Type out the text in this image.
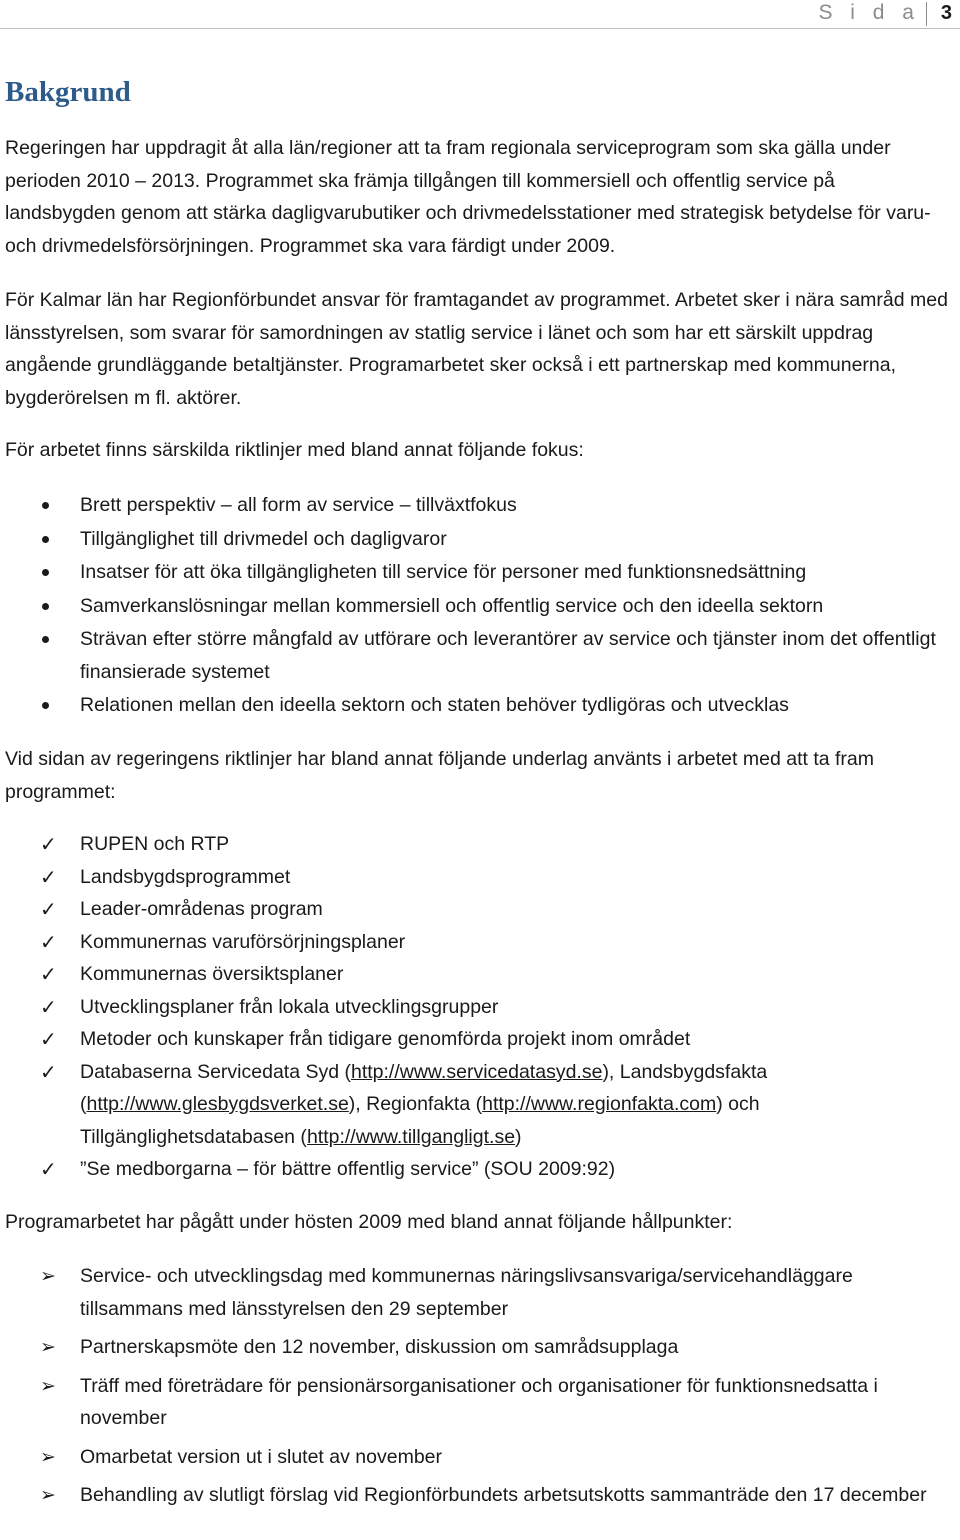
S i d a 3
Bakgrund

Regeringen har uppdragit åt alla län/regioner att ta fram regionala serviceprogram som ska gälla under perioden 2010 – 2013. Programmet ska främja tillgången till kommersiell och offentlig service på landsbygden genom att stärka dagligvarubutiker och drivmedelsstationer med strategisk betydelse för varu- och drivmedelsförsörjningen. Programmet ska vara färdigt under 2009.

För Kalmar län har Regionförbundet ansvar för framtagandet av programmet. Arbetet sker i nära samråd med länsstyrelsen, som svarar för samordningen av statlig service i länet och som har ett särskilt uppdrag angående grundläggande betaltjänster. Programarbetet sker också i ett partnerskap med kommunerna, bygderörelsen m fl. aktörer.

För arbetet finns särskilda riktlinjer med bland annat följande fokus:

Brett perspektiv – all form av service – tillväxtfokus
Tillgänglighet till drivmedel och dagligvaror
Insatser för att öka tillgängligheten till service för personer med funktionsnedsättning
Samverkanslösningar mellan kommersiell och offentlig service och den ideella sektorn
Strävan efter större mångfald av utförare och leverantörer av service och tjänster inom det offentligt finansierade systemet
Relationen mellan den ideella sektorn och staten behöver tydligöras och utvecklas

Vid sidan av regeringens riktlinjer har bland annat följande underlag använts i arbetet med att ta fram programmet:

✓	RUPEN och RTP
✓	Landsbygdsprogrammet
✓	Leader-områdenas program
✓	Kommunernas varuförsörjningsplaner
✓	Kommunernas översiktsplaner
✓	Utvecklingsplaner från lokala utvecklingsgrupper
✓	Metoder och kunskaper från tidigare genomförda projekt inom området
✓	Databaserna Servicedata Syd (http://www.servicedatasyd.se), Landsbygdsfakta (http://www.glesbygdsverket.se), Regionfakta (http://www.regionfakta.com) och Tillgänglighetsdatabasen (http://www.tillgangligt.se)
✓	”Se medborgarna – för bättre offentlig service” (SOU 2009:92)

Programarbetet har pågått under hösten 2009 med bland annat följande hållpunkter:

➢	Service- och utvecklingsdag med kommunernas näringslivsansvariga/servicehandläggare tillsammans med länsstyrelsen den 29 september
➢	Partnerskapsmöte den 12 november, diskussion om samrådsupplaga
➢	Träff med företrädare för pensionärsorganisationer och organisationer för funktionsnedsatta i november
➢	Omarbetat version ut i slutet av november
➢	Behandling av slutligt förslag vid Regionförbundets arbetsutskotts sammanträde den 17 december
